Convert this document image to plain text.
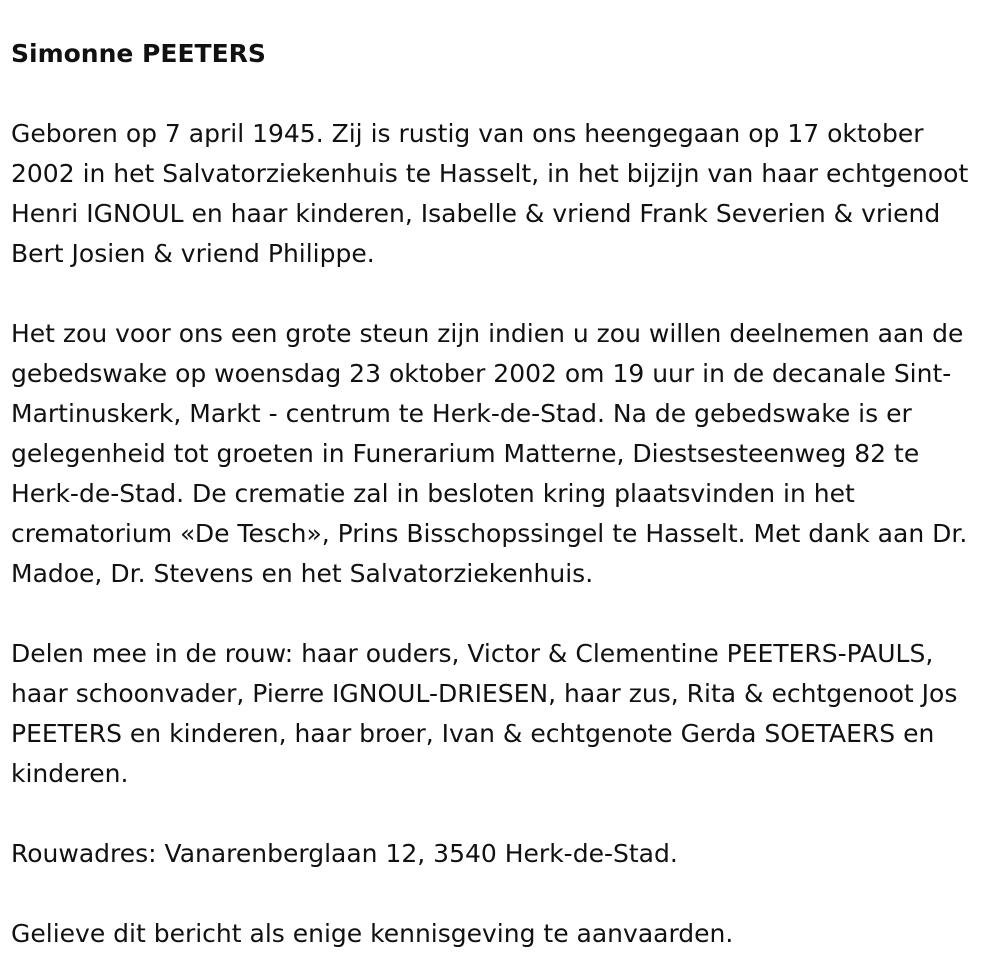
Simonne PEETERS

Geboren op 7 april 1945. Zij is rustig van ons heengegaan op 17 oktober 2002 in het Salvatorziekenhuis te Hasselt, in het bijzijn van haar echtgenoot Henri IGNOUL en haar kinderen, Isabelle & vriend Frank Severien & vriend Bert Josien & vriend Philippe.

Het zou voor ons een grote steun zijn indien u zou willen deelnemen aan de gebedswake op woensdag 23 oktober 2002 om 19 uur in de decanale Sint-Martinuskerk, Markt - centrum te Herk-de-Stad. Na de gebedswake is er gelegenheid tot groeten in Funerarium Matterne, Diestsesteenweg 82 te Herk-de-Stad. De crematie zal in besloten kring plaatsvinden in het crematorium «De Tesch», Prins Bisschopssingel te Hasselt. Met dank aan Dr. Madoe, Dr. Stevens en het Salvatorziekenhuis.

Delen mee in de rouw: haar ouders, Victor & Clementine PEETERS-PAULS, haar schoonvader, Pierre IGNOUL-DRIESEN, haar zus, Rita & echtgenoot Jos PEETERS en kinderen, haar broer, Ivan & echtgenote Gerda SOETAERS en kinderen.

Rouwadres: Vanarenberglaan 12, 3540 Herk-de-Stad.

Gelieve dit bericht als enige kennisgeving te aanvaarden.
